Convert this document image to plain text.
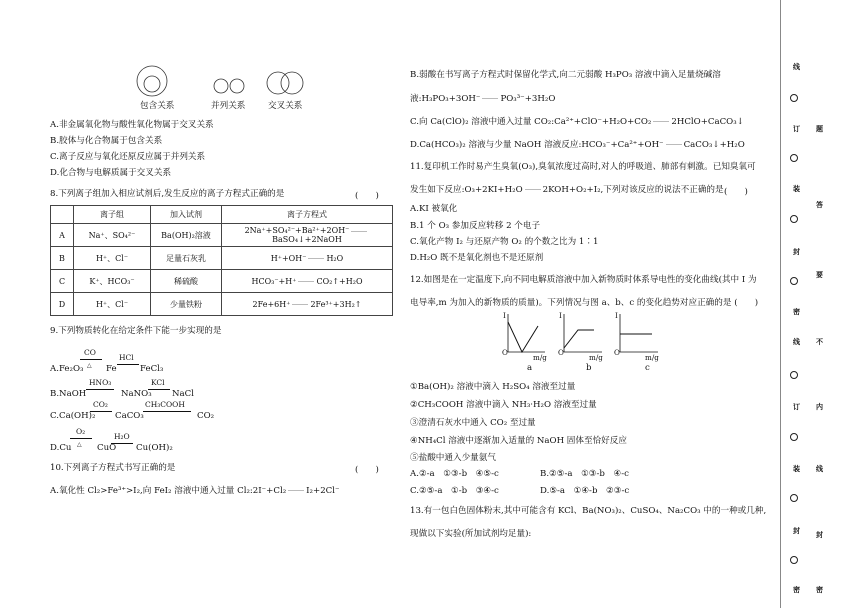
包含关系	并列关系	交叉关系
A.非金属氧化物与酸性氧化物属于交叉关系
B.胶体与化合物属于包含关系
C.离子反应与氧化还原反应属于并列关系
D.化合物与电解质属于交叉关系
8.下列离子组加入相应试剂后,发生反应的离子方程式正确的是	(　　)
	离子组	加入试剂	离子方程式
A	Na⁺、SO₄²⁻	Ba(OH)₂溶液	2Na⁺+SO₄²⁻+Ba²⁺+2OH⁻BaSO₄↓+2NaOH
B	H⁺、Cl⁻	足量石灰乳	H⁺+OH⁻ H₂O
C	K⁺、HCO₃⁻	稀硫酸	HCO₃⁻+H⁺ CO₂↑+H₂O
D	H⁺、Cl⁻	少量铁粉	2Fe+6H⁺ 2Fe³⁺+3H₂↑
9.下列物质转化在给定条件下能一步实现的是
A.Fe₂O₃
CO
△ Fe
HCl
FeCl₃
B.NaOH
HNO₃
NaNO₃
KCl
NaCl
C.Ca(OH)₂
CO₂
CaCO₃
CH₃COOH
CO₂
D.Cu
O₂
△ CuO
H₂O
Cu(OH)₂
10.下列离子方程式书写正确的是	(　　)
A.氧化性 Cl₂>Fe³⁺>I₂,向 FeI₂ 溶液中通入过量 Cl₂:2I⁻+Cl₂ I₂+2Cl⁻
B.弱酸在书写离子方程式时保留化学式,向二元弱酸 H₃PO₃ 溶液中滴入足量烧碱溶
液:H₃PO₃+3OH⁻ PO₃³⁻+3H₂O
C.向 Ca(ClO)₂ 溶液中通入过量 CO₂:Ca²⁺+ClO⁻+H₂O+CO₂ 2HClO+CaCO₃↓
D.Ca(HCO₃)₂ 溶液与少量 NaOH 溶液反应:HCO₃⁻+Ca²⁺+OH⁻ CaCO₃↓+H₂O
11.复印机工作时易产生臭氧(O₃),臭氧浓度过高时,对人的呼吸道、肺部有刺激。已知臭氧可
发生如下反应:O₃+2KI+H₂O 2KOH+O₂+I₂,下列对该反应的说法不正确的是 (　　)
A.KI 被氧化
B.1 个 O₃ 参加反应转移 2 个电子
C.氧化产物 I₂ 与还原产物 O₂ 的个数之比为 1∶1
D.H₂O 既不是氧化剂也不是还原剂
12.如图是在一定温度下,向不同电解质溶液中加入新物质时体系导电性的变化曲线(其中 I 为
电导率,m 为加入的新物质的质量)。下列情况与图 a、b、c 的变化趋势对应正确的是 (　　)
I
O
m/g
a
I
O
m/g
b
I
O
m/g
c
①Ba(OH)₂ 溶液中滴入 H₂SO₄ 溶液至过量
②CH₃COOH 溶液中滴入 NH₃·H₂O 溶液至过量
③澄清石灰水中通入 CO₂ 至过量
④NH₄Cl 溶液中逐渐加入适量的 NaOH 固体至恰好反应
⑤盐酸中通入少量氨气
A.②-a　①③-b　④⑤-c	B.②⑤-a　①③-b　④-c
C.②⑤-a　①-b　③④-c	D.⑤-a　①④-b　②③-c
13.有一包白色固体粉末,其中可能含有 KCl、Ba(NO₃)₂、CuSO₄、Na₂CO₃ 中的一种或几种,
现做以下实验(所加试剂均足量):
线
订
装
封
密
线
订
装
封
密
题
答
要
不
内
线
封
密
